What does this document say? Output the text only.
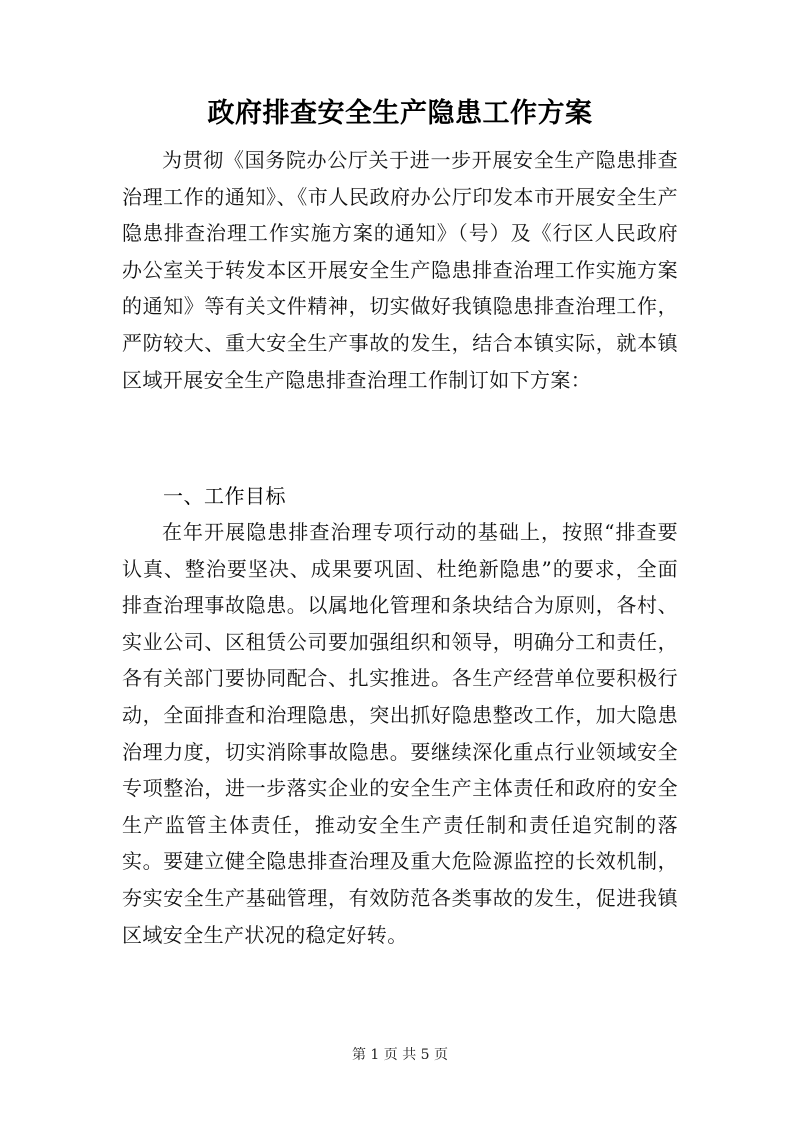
政府排查安全生产隐患工作方案

为贯彻《国务院办公厅关于进一步开展安全生产隐患排查治理工作的通知》、《市人民政府办公厅印发本市开展安全生产隐患排查治理工作实施方案的通知》（号）及《行区人民政府办公室关于转发本区开展安全生产隐患排查治理工作实施方案的通知》等有关文件精神，切实做好我镇隐患排查治理工作，严防较大、重大安全生产事故的发生，结合本镇实际，就本镇区域开展安全生产隐患排查治理工作制订如下方案：

一、工作目标

在年开展隐患排查治理专项行动的基础上，按照“排查要认真、整治要坚决、成果要巩固、杜绝新隐患”的要求，全面排查治理事故隐患。以属地化管理和条块结合为原则，各村、实业公司、区租赁公司要加强组织和领导，明确分工和责任，各有关部门要协同配合、扎实推进。各生产经营单位要积极行动，全面排查和治理隐患，突出抓好隐患整改工作，加大隐患治理力度，切实消除事故隐患。要继续深化重点行业领域安全专项整治，进一步落实企业的安全生产主体责任和政府的安全生产监管主体责任，推动安全生产责任制和责任追究制的落实。要建立健全隐患排查治理及重大危险源监控的长效机制，夯实安全生产基础管理，有效防范各类事故的发生，促进我镇区域安全生产状况的稳定好转。

第 1 页 共 5 页
